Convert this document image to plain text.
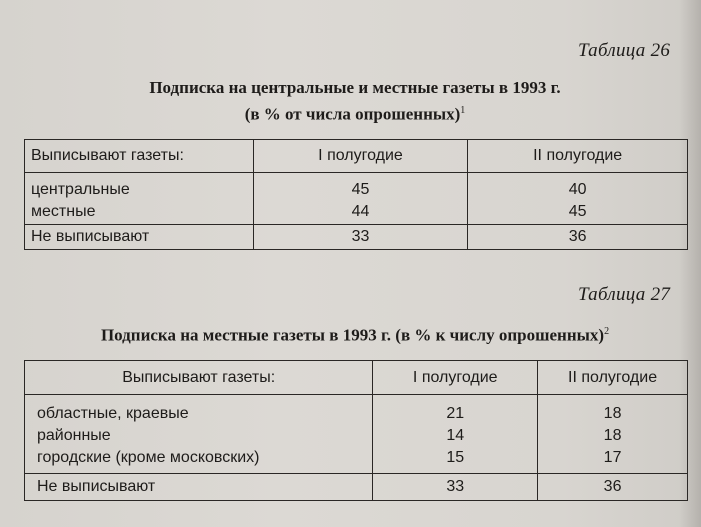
Таблица 26
Подписка на центральные и местные газеты в 1993 г.
(в % от числа опрошенных)$^1$
Выписывают газеты:	I полугодие	II полугодие
центральные	45	40
местные	44	45
Не выписывают	33	36
Таблица 27
Подписка на местные газеты в 1993 г. (в % к числу опрошенных)$^2$
Выписывают газеты:	I полугодие	II полугодие
областные, краевые	21	18
районные	14	18
городские (кроме московских)	15	17
Не выписывают	33	36
